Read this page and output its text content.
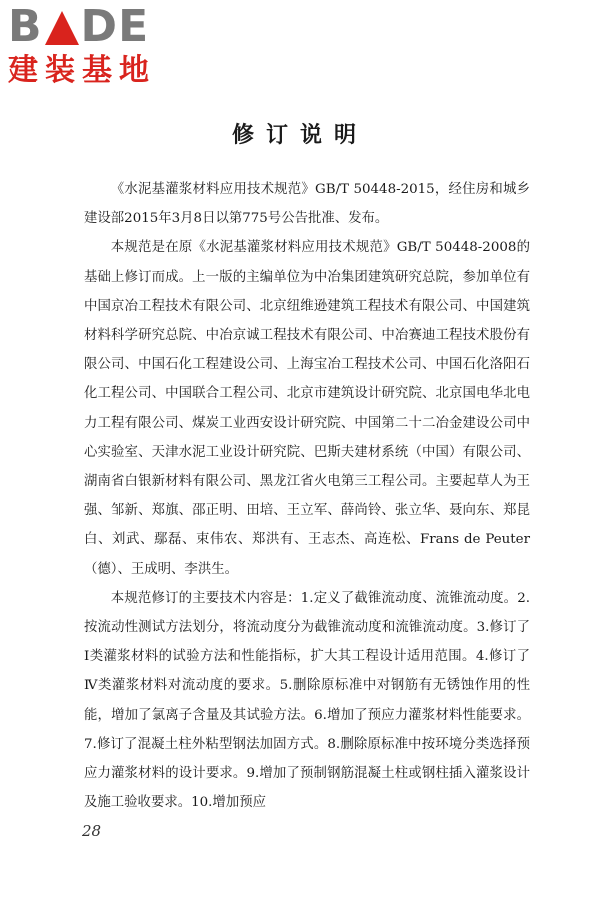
B DE
建装基地
修订说明

《水泥基灌浆材料应用技术规范》GB/T 50448-2015，经住房和城乡建设部2015年3月8日以第775号公告批准、发布。

本规范是在原《水泥基灌浆材料应用技术规范》GB/T 50448-2008的基础上修订而成。上一版的主编单位为中冶集团建筑研究总院，参加单位有中国京冶工程技术有限公司、北京纽维逊建筑工程技术有限公司、中国建筑材料科学研究总院、中冶京诚工程技术有限公司、中冶赛迪工程技术股份有限公司、中国石化工程建设公司、上海宝冶工程技术公司、中国石化洛阳石化工程公司、中国联合工程公司、北京市建筑设计研究院、北京国电华北电力工程有限公司、煤炭工业西安设计研究院、中国第二十二冶金建设公司中心实验室、天津水泥工业设计研究院、巴斯夫建材系统（中国）有限公司、湖南省白银新材料有限公司、黑龙江省火电第三工程公司。主要起草人为王强、邹新、郑旗、邵正明、田培、王立军、薛尚铃、张立华、聂向东、郑昆白、刘武、鄢磊、束伟农、郑洪有、王志杰、高连松、Frans de Peuter（德）、王成明、李洪生。

本规范修订的主要技术内容是：1.定义了截锥流动度、流锥流动度。2.按流动性测试方法划分，将流动度分为截锥流动度和流锥流动度。3.修订了Ⅰ类灌浆材料的试验方法和性能指标，扩大其工程设计适用范围。4.修订了Ⅳ类灌浆材料对流动度的要求。5.删除原标准中对钢筋有无锈蚀作用的性能，增加了氯离子含量及其试验方法。6.增加了预应力灌浆材料性能要求。7.修订了混凝土柱外粘型钢法加固方式。8.删除原标准中按环境分类选择预应力灌浆材料的设计要求。9.增加了预制钢筋混凝土柱或钢柱插入灌浆设计及施工验收要求。10.增加预应

28
